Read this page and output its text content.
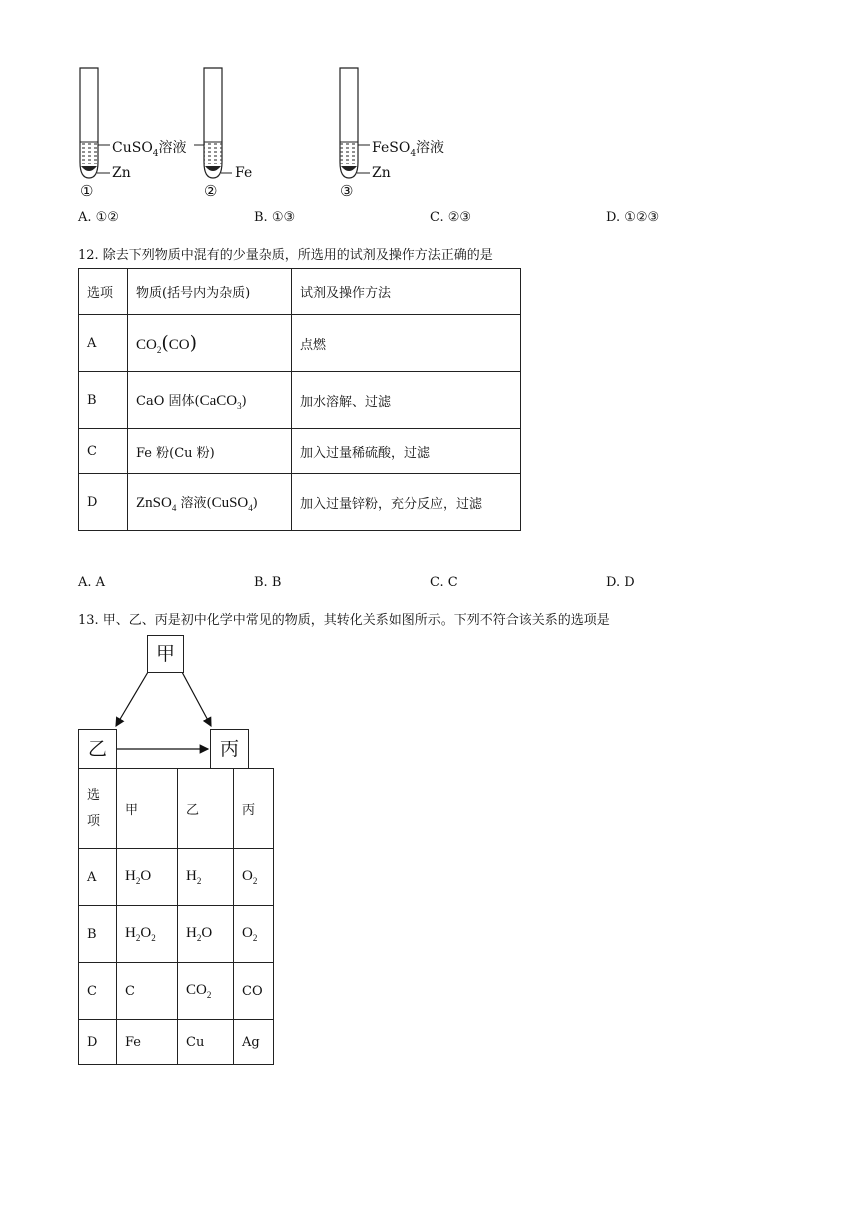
CuSO$_4$溶液
Zn
①
Fe
②
FeSO$_4$溶液
Zn
③
A. ①②	B. ①③	C. ②③	D. ①②③
12. 除去下列物质中混有的少量杂质，所选用的试剂及操作方法正确的是
选项	物质(括号内为杂质)	试剂及操作方法
A	$CO_2(CO)$	点燃
B	CaO 固体(CaCO$_3$)	加水溶解、过滤
C	Fe 粉(Cu 粉)	加入过量稀硫酸，过滤
D	ZnSO$_4$ 溶液(CuSO$_4$)	加入过量锌粉，充分反应，过滤
A. A	B. B	C. C	D. D
13. 甲、乙、丙是初中化学中常见的物质，其转化关系如图所示。下列不符合该关系的选项是
甲
乙	丙
选
项	甲	乙	丙
A	$H_2O$	$H_2$	$O_2$
B	$H_2O_2$	$H_2O$	$O_2$
C	C	$CO_2$	CO
D	Fe	Cu	Ag
